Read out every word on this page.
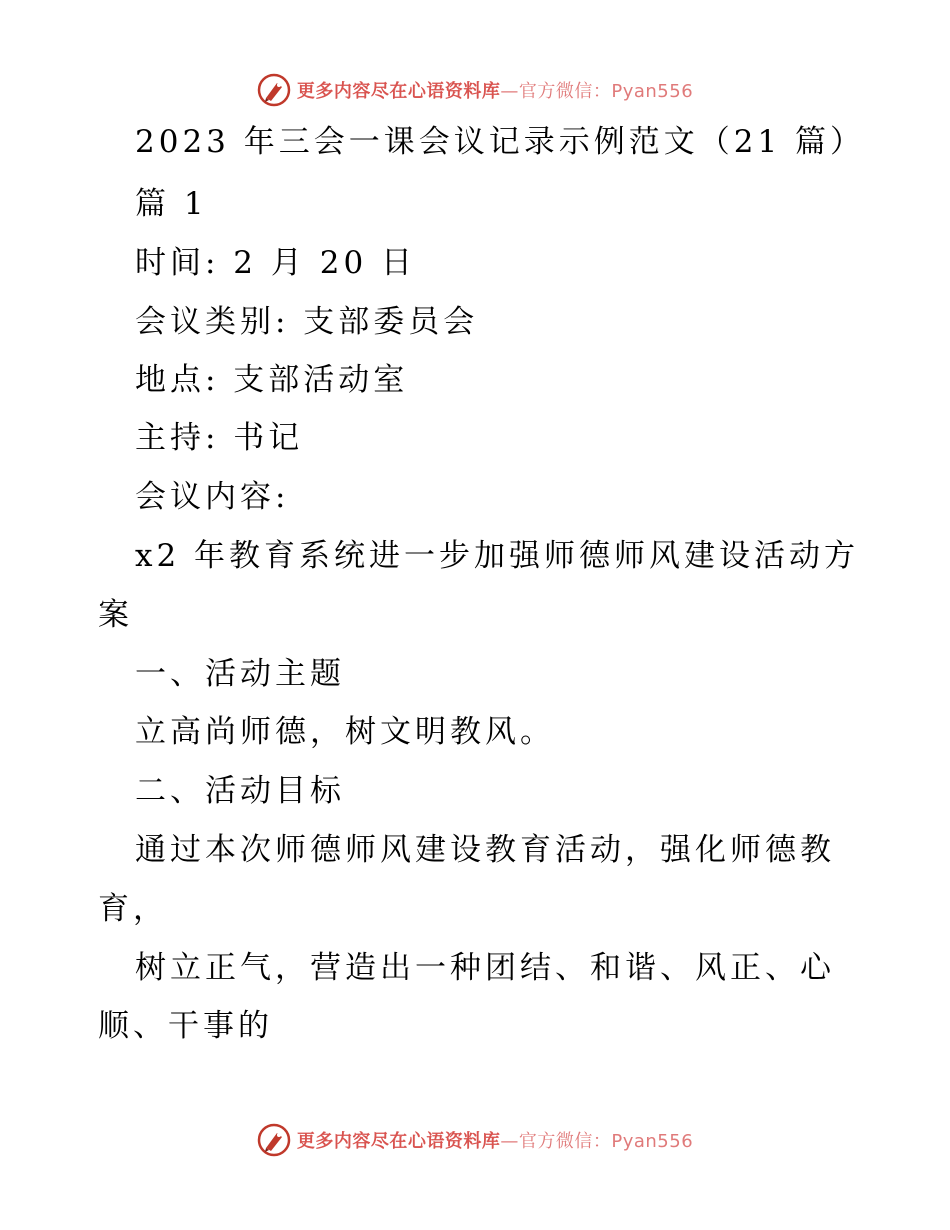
更多内容尽在心语资料库—官方微信：Pyan556
2023 年三会一课会议记录示例范文（21 篇）
篇 1
时间: 2 月 20 日
会议类别: 支部委员会
地点: 支部活动室
主持: 书记
会议内容:
x2 年教育系统进一步加强师德师风建设活动方
案
一、活动主题
立高尚师德，树文明教风。
二、活动目标
通过本次师德师风建设教育活动，强化师德教
育，
树立正气，营造出一种团结、和谐、风正、心
顺、干事的
更多内容尽在心语资料库—官方微信：Pyan556
